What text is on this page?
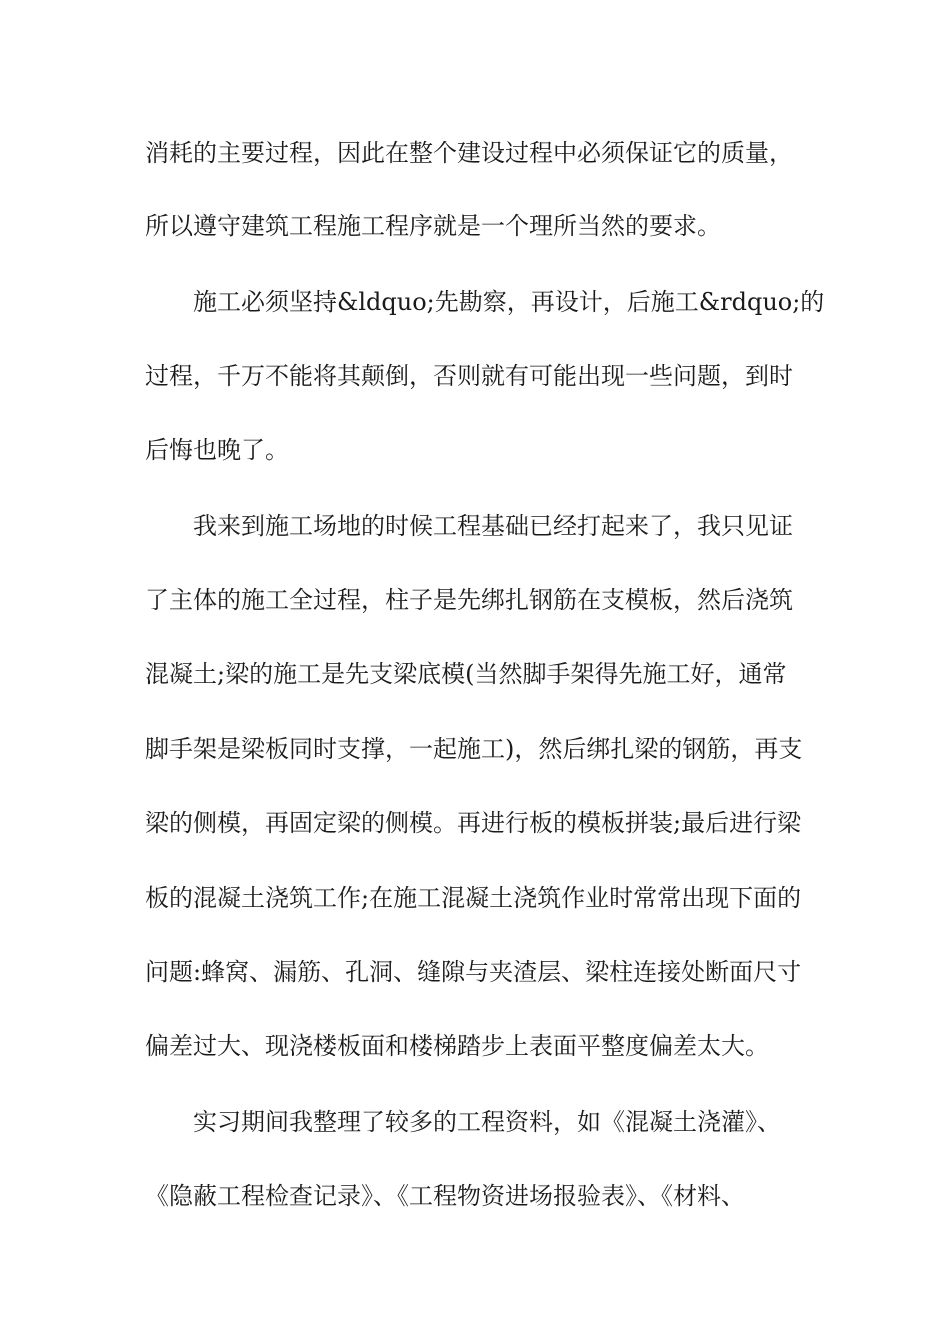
消耗的主要过程，因此在整个建设过程中必须保证它的质量，
所以遵守建筑工程施工程序就是一个理所当然的要求。
施工必须坚持&ldquo;先勘察，再设计，后施工&rdquo;的
过程，千万不能将其颠倒，否则就有可能出现一些问题，到时
后悔也晚了。
我来到施工场地的时候工程基础已经打起来了，我只见证
了主体的施工全过程，柱子是先绑扎钢筋在支模板，然后浇筑
混凝土;梁的施工是先支梁底模(当然脚手架得先施工好，通常
脚手架是梁板同时支撑，一起施工)，然后绑扎梁的钢筋，再支
梁的侧模，再固定梁的侧模。再进行板的模板拼装;最后进行梁
板的混凝土浇筑工作;在施工混凝土浇筑作业时常常出现下面的
问题:蜂窝、漏筋、孔洞、缝隙与夹渣层、梁柱连接处断面尺寸
偏差过大、现浇楼板面和楼梯踏步上表面平整度偏差太大。
实习期间我整理了较多的工程资料，如《混凝土浇灌》、
《隐蔽工程检查记录》、《工程物资进场报验表》、《材料、
